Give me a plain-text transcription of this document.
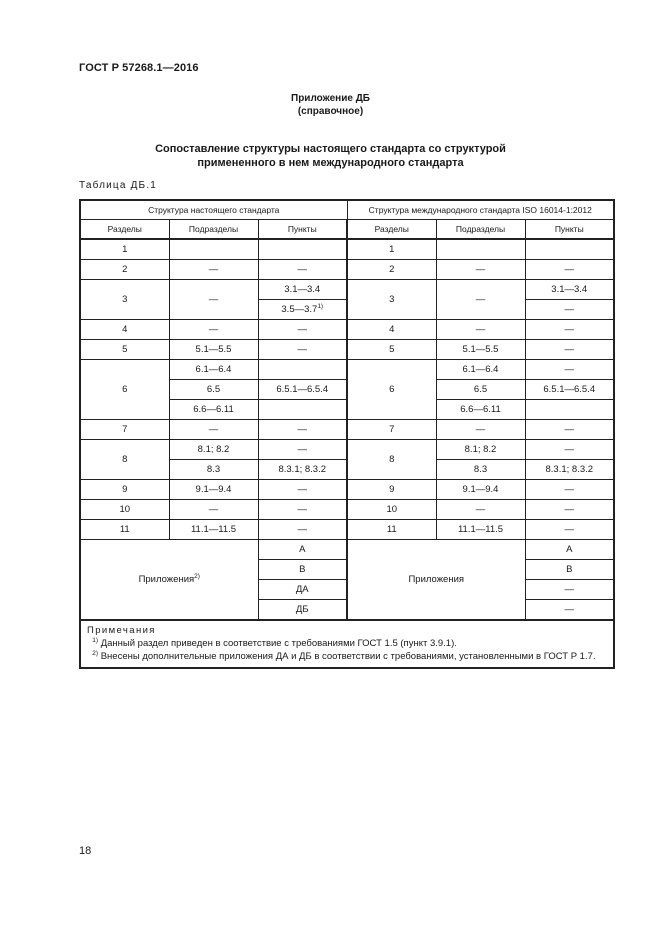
ГОСТ Р 57268.1—2016
Приложение ДБ
(справочное)
Сопоставление структуры настоящего стандарта со структурой
примененного в нем международного стандарта
Таблица ДБ.1
Структура настоящего стандарта			Структура международного стандарта ISO 16014-1:2012		
Разделы	Подразделы	Пункты	Разделы	Подразделы	Пункты
1			1		
2	—	—	2	—	—
3	—	3.1—3.4	3	—	3.1—3.4
		3.5—3.7$^{1)}$			—
4	—	—	4	—	—
5	5.1—5.5	—	5	5.1—5.5	—
6	6.1—6.4		6	6.1—6.4	—
	6.5	6.5.1—6.5.4		6.5	6.5.1—6.5.4
	6.6—6.11			6.6—6.11	
7	—	—	7	—	—
8	8.1; 8.2	—	8	8.1; 8.2	—
	8.3	8.3.1; 8.3.2		8.3	8.3.1; 8.3.2
9	9.1—9.4	—	9	9.1—9.4	—
10	—	—	10	—	—
11	11.1—11.5	—	11	11.1—11.5	—
Приложения$^{2)}$		A	Приложения		A
		B			B
		ДА			—
		ДБ			—

Примечания
$^{1)}$ Данный раздел приведен в соответствие с требованиями ГОСТ 1.5 (пункт 3.9.1).
$^{2)}$ Внесены дополнительные приложения ДА и ДБ в соответствии с требованиями, установленными в ГОСТ Р 1.7.					
18
